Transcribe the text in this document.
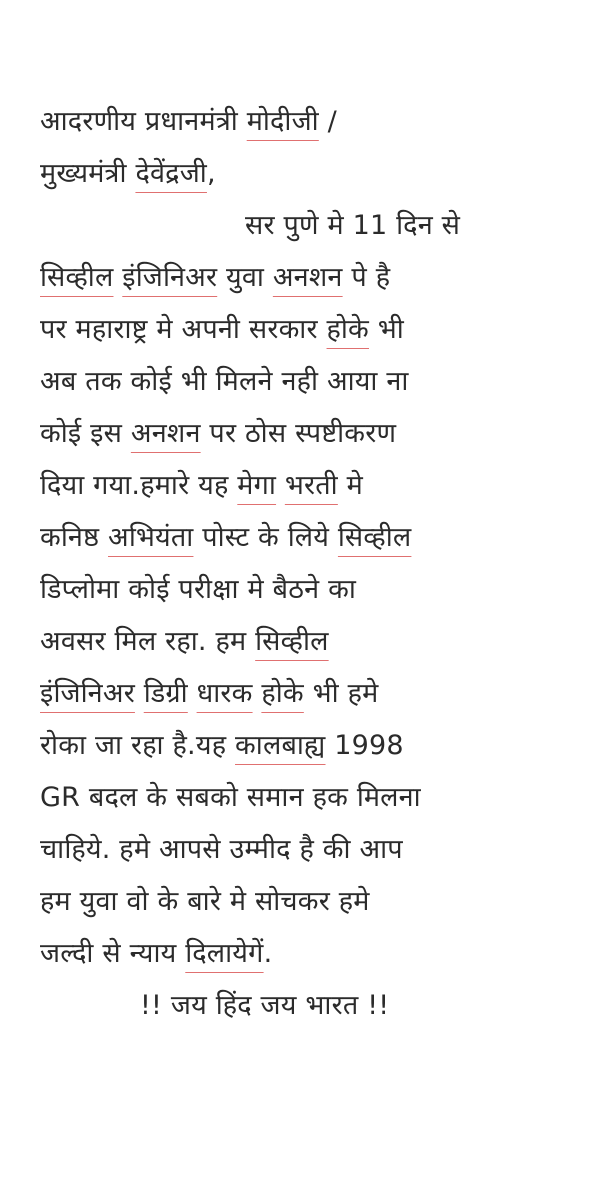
आदरणीय प्रधानमंत्री मोदीजी /
मुख्यमंत्री देवेंद्रजी,
सर पुणे मे 11 दिन से
सिव्हील इंजिनिअर युवा अनशन पे है
पर महाराष्ट्र मे अपनी सरकार होके भी
अब तक कोई भी मिलने नही आया ना
कोई इस अनशन पर ठोस स्पष्टीकरण
दिया गया.हमारे यह मेगा भरती मे
कनिष्ठ अभियंता पोस्ट के लिये सिव्हील
डिप्लोमा कोई परीक्षा मे बैठने का
अवसर मिल रहा. हम सिव्हील
इंजिनिअर डिग्री धारक होके भी हमे
रोका जा रहा है.यह कालबाह्य 1998
GR बदल के सबको समान हक मिलना
चाहिये. हमे आपसे उम्मीद है की आप
हम युवा वो के बारे मे सोचकर हमे
जल्दी से न्याय दिलायेगें.
!! जय हिंद जय भारत !!
